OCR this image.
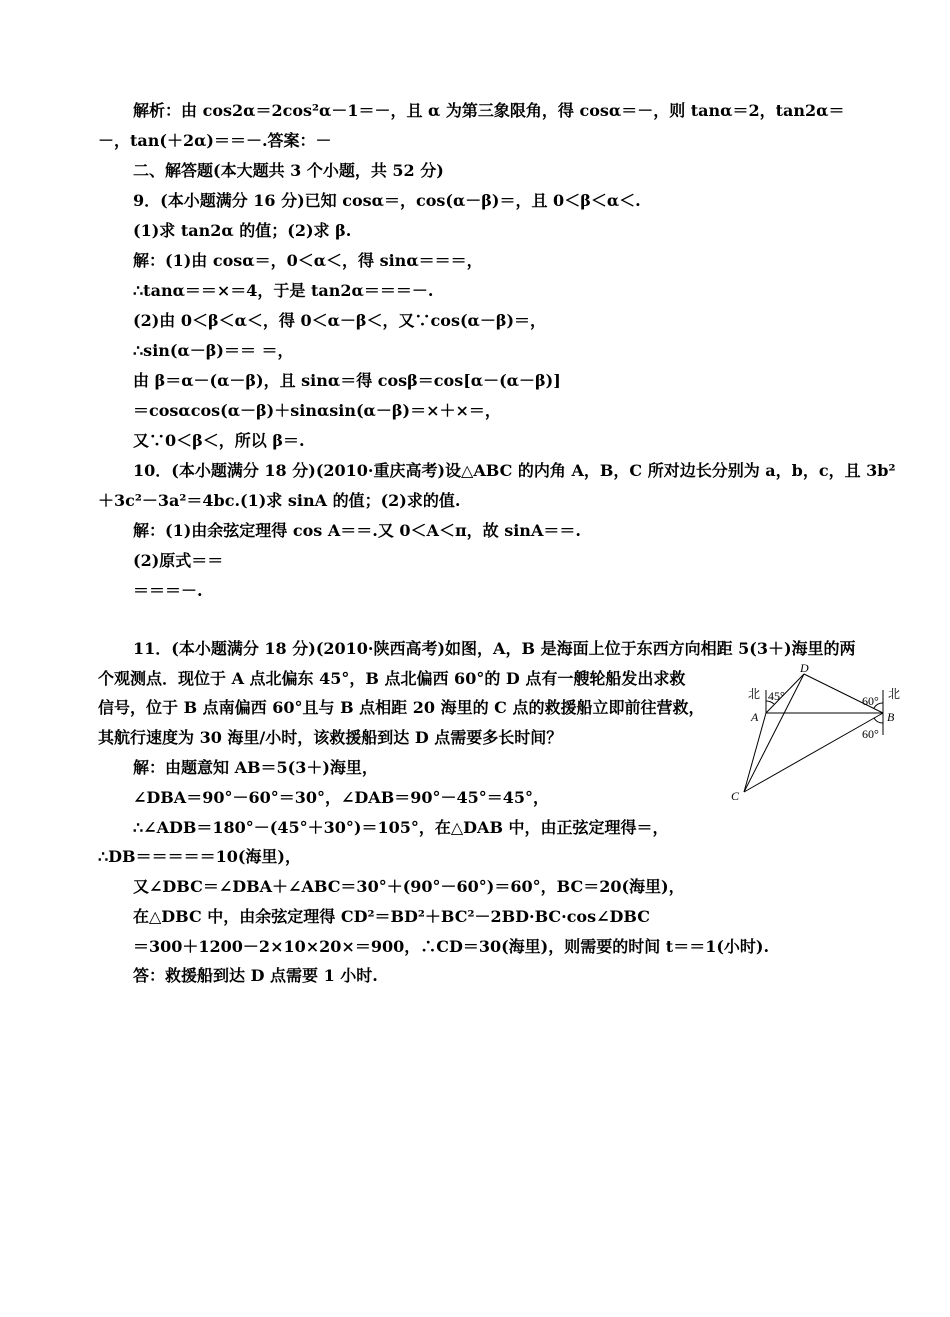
解析：由 cos2α＝2cos²α－1＝－，且 α 为第三象限角，得 cosα＝－，则 tanα＝2，tan2α＝
－，tan(＋2α)＝＝－.答案：－
二、解答题(本大题共 3 个小题，共 52 分)
9．(本小题满分 16 分)已知 cosα＝，cos(α－β)＝，且 0＜β＜α＜.
(1)求 tan2α 的值；(2)求 β.
解：(1)由 cosα＝，0＜α＜，得 sinα＝＝＝，
∴tanα＝＝×＝4，于是 tan2α＝＝＝－.
(2)由 0＜β＜α＜，得 0＜α－β＜，又∵cos(α－β)＝，
∴sin(α－β)＝＝ ＝，
由 β＝α－(α－β)，且 sinα＝得 cosβ＝cos[α－(α－β)]
＝cosαcos(α－β)＋sinαsin(α－β)＝×＋×＝，
又∵0＜β＜，所以 β＝.
10．(本小题满分 18 分)(2010·重庆高考)设△ABC 的内角 A，B，C 所对边长分别为 a，b，c，且 3b²
＋3c²－3a²＝4bc.(1)求 sinA 的值；(2)求的值.
解：(1)由余弦定理得 cos A＝＝.又 0＜A＜π，故 sinA＝＝.
(2)原式＝＝
＝＝＝－.
11．(本小题满分 18 分)(2010·陕西高考)如图，A，B 是海面上位于东西方向相距 5(3＋)海里的两
个观测点．现位于 A 点北偏东 45°，B 点北偏西 60°的 D 点有一艘轮船发出求救
信号，位于 B 点南偏西 60°且与 B 点相距 20 海里的 C 点的救援船立即前往营救，
其航行速度为 30 海里/小时，该救援船到达 D 点需要多长时间？
解：由题意知 AB＝5(3＋)海里，
∠DBA＝90°－60°＝30°，∠DAB＝90°－45°＝45°，
∴∠ADB＝180°－(45°＋30°)＝105°，在△DAB 中，由正弦定理得＝，
∴DB＝＝＝＝＝10(海里)，
又∠DBC＝∠DBA＋∠ABC＝30°＋(90°－60°)＝60°，BC＝20(海里)，
在△DBC 中，由余弦定理得 CD²＝BD²＋BC²－2BD·BC·cos∠DBC
＝300＋1200－2×10×20×＝900，∴CD＝30(海里)，则需要的时间 t＝＝1(小时).
答：救援船到达 D 点需要 1 小时.
D
北 45°
A
60° 北
B
60°
C
